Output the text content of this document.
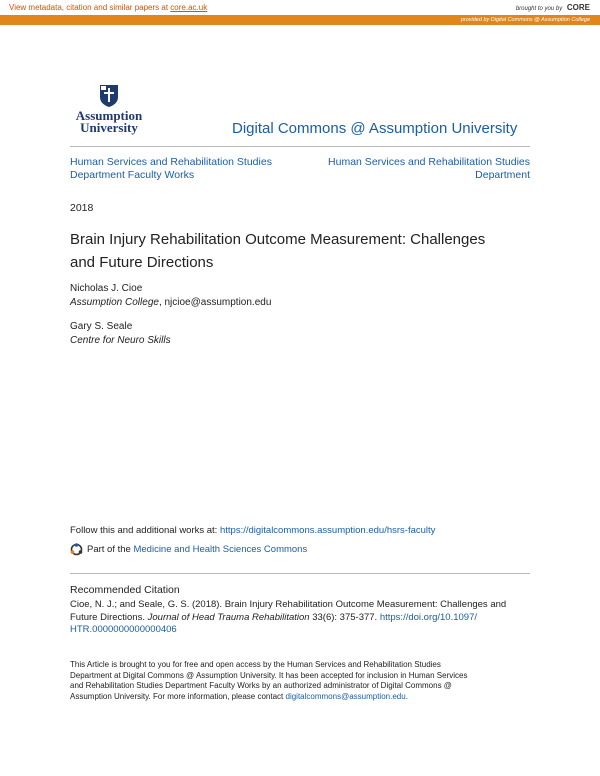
View metadata, citation and similar papers at core.ac.uk	brought to you by CORE
provided by Digital Commons @ Assumption College
Assumption
University	Digital Commons @ Assumption University
Human Services and Rehabilitation Studies
Department Faculty Works
Human Services and Rehabilitation Studies
Department
2018
Brain Injury Rehabilitation Outcome Measurement: Challenges
and Future Directions
Nicholas J. Cioe
Assumption College, njcioe@assumption.edu
Gary S. Seale
Centre for Neuro Skills
Follow this and additional works at: https://digitalcommons.assumption.edu/hsrs-faculty
Part of the
Medicine and Health Sciences Commons
Recommended Citation
Cioe, N. J.; and Seale, G. S. (2018). Brain Injury Rehabilitation Outcome Measurement: Challenges and
Future Directions. Journal of Head Trauma Rehabilitation 33(6): 375-377. https://doi.org/10.1097/
HTR.0000000000000406
This Article is brought to you for free and open access by the Human Services and Rehabilitation Studies
Department at Digital Commons @ Assumption University. It has been accepted for inclusion in Human Services
and Rehabilitation Studies Department Faculty Works by an authorized administrator of Digital Commons @
Assumption University. For more information, please contact digitalcommons@assumption.edu.
